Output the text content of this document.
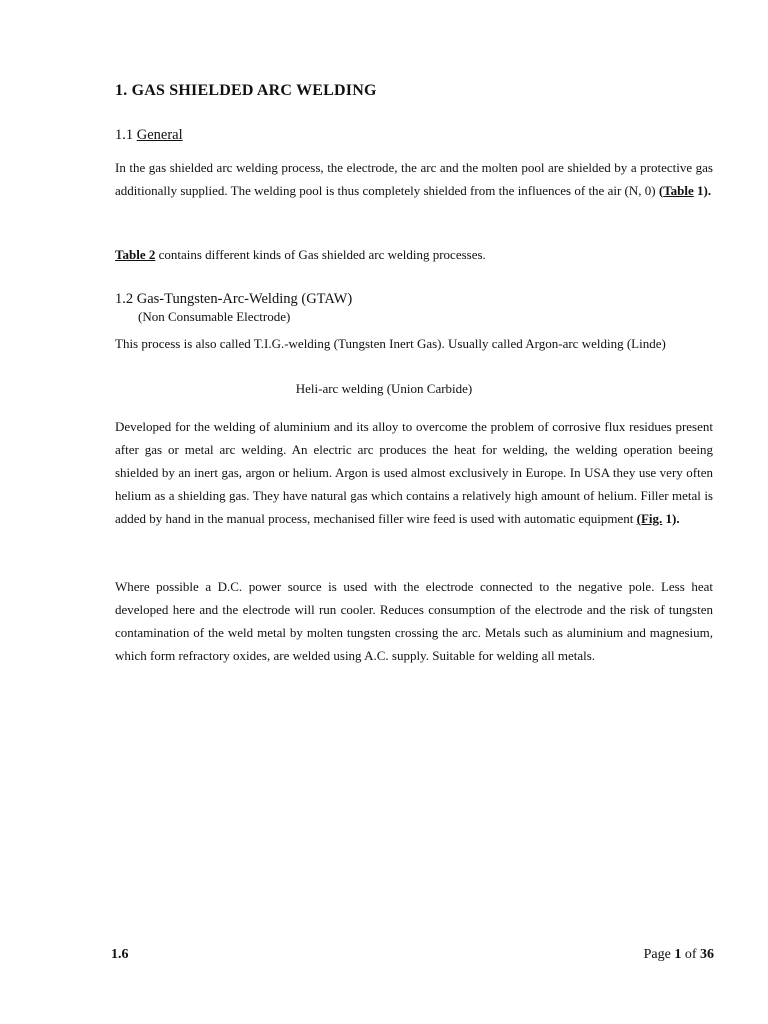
1. GAS SHIELDED ARC WELDING
1.1 General

In the gas shielded arc welding process, the electrode, the arc and the molten pool are shielded by a protective gas additionally supplied. The welding pool is thus completely shielded from the influences of the air (N, 0) (Table 1).

Table 2 contains different kinds of Gas shielded arc welding processes.

1.2 Gas-Tungsten-Arc-Welding (GTAW)
(Non Consumable Electrode)

This process is also called T.I.G.-welding (Tungsten Inert Gas). Usually called Argon-arc welding (Linde)

Heli-arc welding (Union Carbide)

Developed for the welding of aluminium and its alloy to overcome the problem of corrosive flux residues present after gas or metal arc welding. An electric arc produces the heat for welding, the welding operation beeing shielded by an inert gas, argon or helium. Argon is used almost exclusively in Europe. In USA they use very often helium as a shielding gas. They have natural gas which contains a relatively high amount of helium. Filler metal is added by hand in the manual process, mechanised filler wire feed is used with automatic equipment (Fig. 1).

Where possible a D.C. power source is used with the electrode connected to the negative pole. Less heat developed here and the electrode will run cooler. Reduces consumption of the electrode and the risk of tungsten contamination of the weld metal by molten tungsten crossing the arc. Metals such as aluminium and magnesium, which form refractory oxides, are welded using A.C. supply. Suitable for welding all metals.

1.6	Page 1 of 36
